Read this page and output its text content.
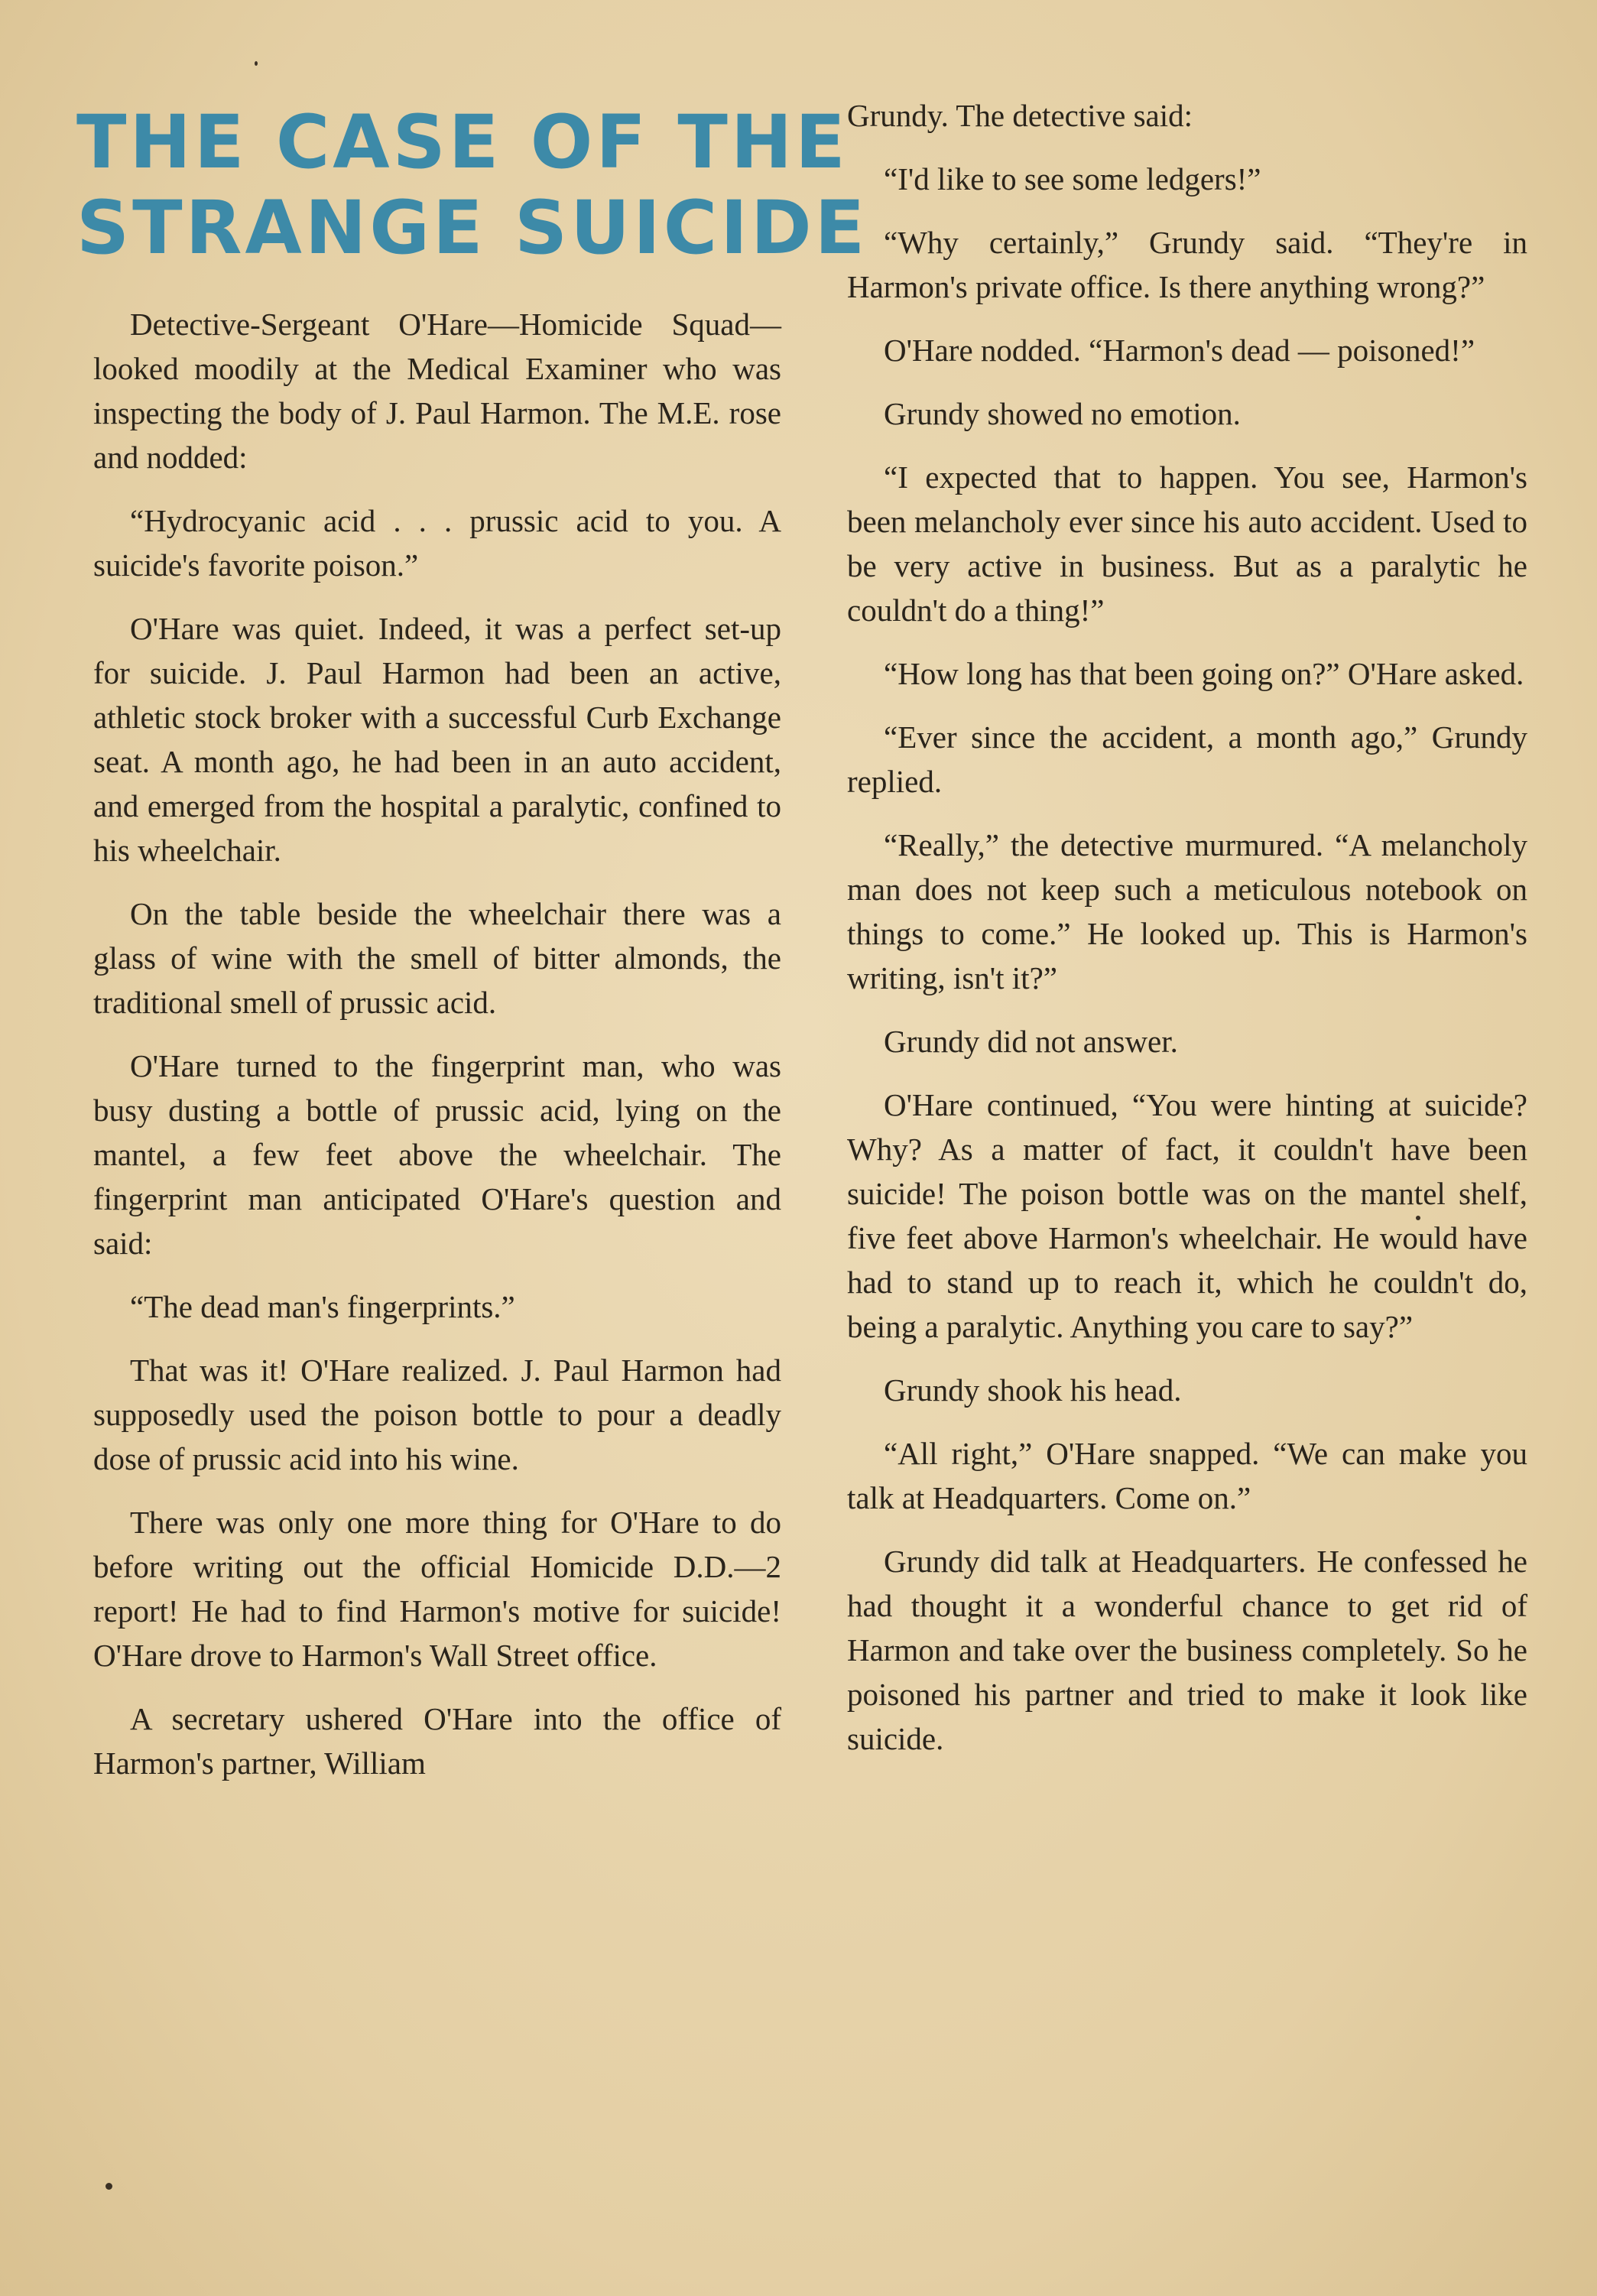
THE CASE OF THE
STRANGE SUICIDE

Detective-Sergeant O'Hare—Homicide Squad—looked moodily at the Medical Examiner who was inspecting the body of J. Paul Harmon. The M.E. rose and nodded:

“Hydrocyanic acid . . . prussic acid to you. A suicide's favorite poison.”

O'Hare was quiet. Indeed, it was a perfect set-up for suicide. J. Paul Harmon had been an active, athletic stock broker with a successful Curb Exchange seat. A month ago, he had been in an auto accident, and emerged from the hospital a paralytic, confined to his wheelchair.

On the table beside the wheelchair there was a glass of wine with the smell of bitter almonds, the traditional smell of prussic acid.

O'Hare turned to the fingerprint man, who was busy dusting a bottle of prussic acid, lying on the mantel, a few feet above the wheelchair. The fingerprint man anticipated O'Hare's question and said:

“The dead man's fingerprints.”

That was it! O'Hare realized. J. Paul Harmon had supposedly used the poison bottle to pour a deadly dose of prussic acid into his wine.

There was only one more thing for O'Hare to do before writing out the official Homicide D.D.—2 report! He had to find Harmon's motive for suicide! O'Hare drove to Harmon's Wall Street office.

A secretary ushered O'Hare into the office of Harmon's partner, William

Grundy. The detective said:

“I'd like to see some ledgers!”

“Why certainly,” Grundy said. “They're in Harmon's private office. Is there anything wrong?”

O'Hare nodded. “Harmon's dead — poisoned!”

Grundy showed no emotion.

“I expected that to happen. You see, Harmon's been melancholy ever since his auto accident. Used to be very active in business. But as a paralytic he couldn't do a thing!”

“How long has that been going on?” O'Hare asked.

“Ever since the accident, a month ago,” Grundy replied.

“Really,” the detective murmured. “A melancholy man does not keep such a meticulous notebook on things to come.” He looked up. This is Harmon's writing, isn't it?”

Grundy did not answer.

O'Hare continued, “You were hinting at suicide? Why? As a matter of fact, it couldn't have been suicide! The poison bottle was on the mantel shelf, five feet above Harmon's wheelchair. He would have had to stand up to reach it, which he couldn't do, being a paralytic. Anything you care to say?”

Grundy shook his head.

“All right,” O'Hare snapped. “We can make you talk at Headquarters. Come on.”

Grundy did talk at Headquarters. He confessed he had thought it a wonderful chance to get rid of Harmon and take over the business completely. So he poisoned his partner and tried to make it look like suicide.
